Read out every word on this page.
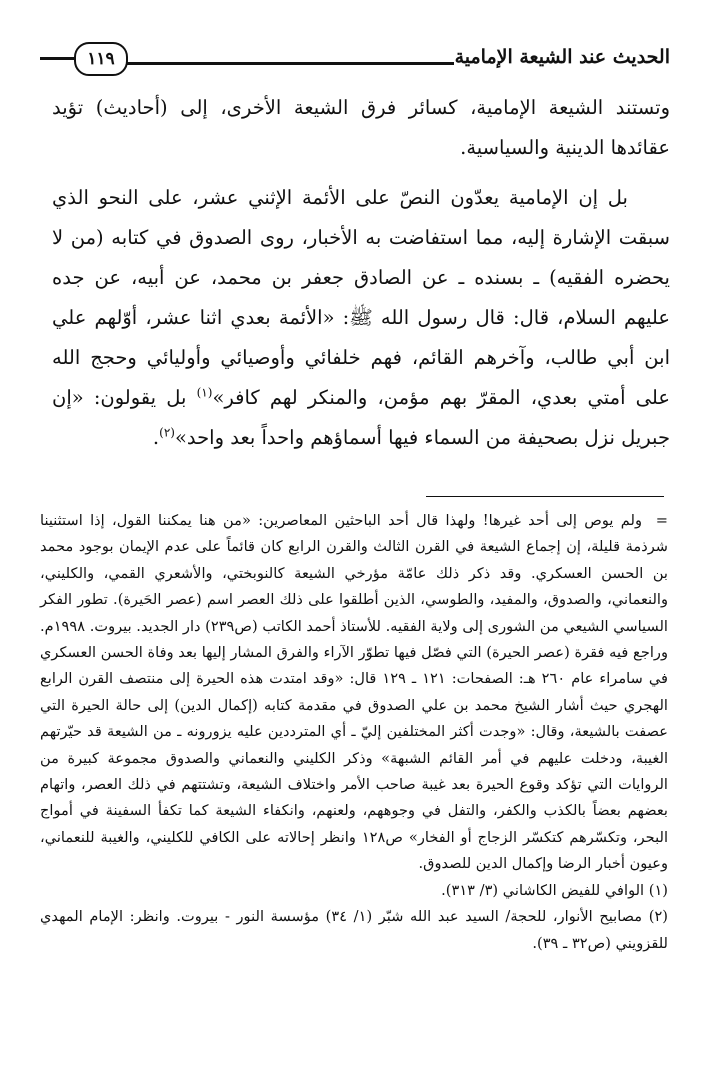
الحديث عند الشيعة الإمامية
١١٩

وتستند الشيعة الإمامية، كسائر فرق الشيعة الأخرى، إلى (أحاديث) تؤيد عقائدها الدينية والسياسية.

بل إن الإمامية يعدّون النصّ على الأئمة الإثني عشر، على النحو الذي سبقت الإشارة إليه، مما استفاضت به الأخبار، روى الصدوق في كتابه (من لا يحضره الفقيه) ـ بسنده ـ عن الصادق جعفر بن محمد، عن أبيه، عن جده عليهم السلام، قال: قال رسول الله ﷺ: «الأئمة بعدي اثنا عشر، أوّلهم علي ابن أبي طالب، وآخرهم القائم، فهم خلفائي وأوصيائي وأوليائي وحجج الله على أمتي بعدي، المقرّ بهم مؤمن، والمنكر لهم كافر»$^{(١)}$ بل يقولون: «إن جبريل نزل بصحيفة من السماء فيها أسماؤهم واحداً بعد واحد»$^{(٢)}$.

=ولم يوص إلى أحد غيرها! ولهذا قال أحد الباحثين المعاصرين: «من هنا يمكننا القول، إذا استثنينا شرذمة قليلة، إن إجماع الشيعة في القرن الثالث والقرن الرابع كان قائماً على عدم الإيمان بوجود محمد بن الحسن العسكري. وقد ذكر ذلك عامّة مؤرخي الشيعة كالنوبختي، والأشعري القمي، والكليني، والنعماني، والصدوق، والمفيد، والطوسي، الذين أطلقوا على ذلك العصر اسم (عصر الحَيرة). تطور الفكر السياسي الشيعي من الشورى إلى ولاية الفقيه. للأستاذ أحمد الكاتب (ص٢٣٩) دار الجديد. بيروت. ١٩٩٨م. وراجع فيه فقرة (عصر الحيرة) التي فصّل فيها تطوّر الآراء والفرق المشار إليها بعد وفاة الحسن العسكري في سامراء عام ٢٦٠ هـ: الصفحات: ١٢١ ـ ١٢٩ قال: «وقد امتدت هذه الحيرة إلى منتصف القرن الرابع الهجري حيث أشار الشيخ محمد بن علي الصدوق في مقدمة كتابه (إكمال الدين) إلى حالة الحيرة التي عصفت بالشيعة، وقال: «وجدت أكثر المختلفين إليّ ـ أي المترددين عليه يزورونه ـ من الشيعة قد حيّرتهم الغيبة، ودخلت عليهم في أمر القائم الشبهة» وذكر الكليني والنعماني والصدوق مجموعة كبيرة من الروايات التي تؤكد وقوع الحيرة بعد غيبة صاحب الأمر واختلاف الشيعة، وتشتتهم في ذلك العصر، واتهام بعضهم بعضاً بالكذب والكفر، والتفل في وجوههم، ولعنهم، وانكفاء الشيعة كما تكفأ السفينة في أمواج البحر، وتكسّرهم كتكسّر الزجاج أو الفخار» ص١٢٨ وانظر إحالاته على الكافي للكليني، والغيبة للنعماني، وعيون أخبار الرضا وإكمال الدين للصدوق.

(١) الوافي للفيض الكاشاني (٣/ ٣١٣).

(٢) مصابيح الأنوار، للحجة/ السيد عبد الله شبّر (١/ ٣٤) مؤسسة النور - بيروت. وانظر: الإمام المهدي للقزويني (ص٣٢ ـ ٣٩).
